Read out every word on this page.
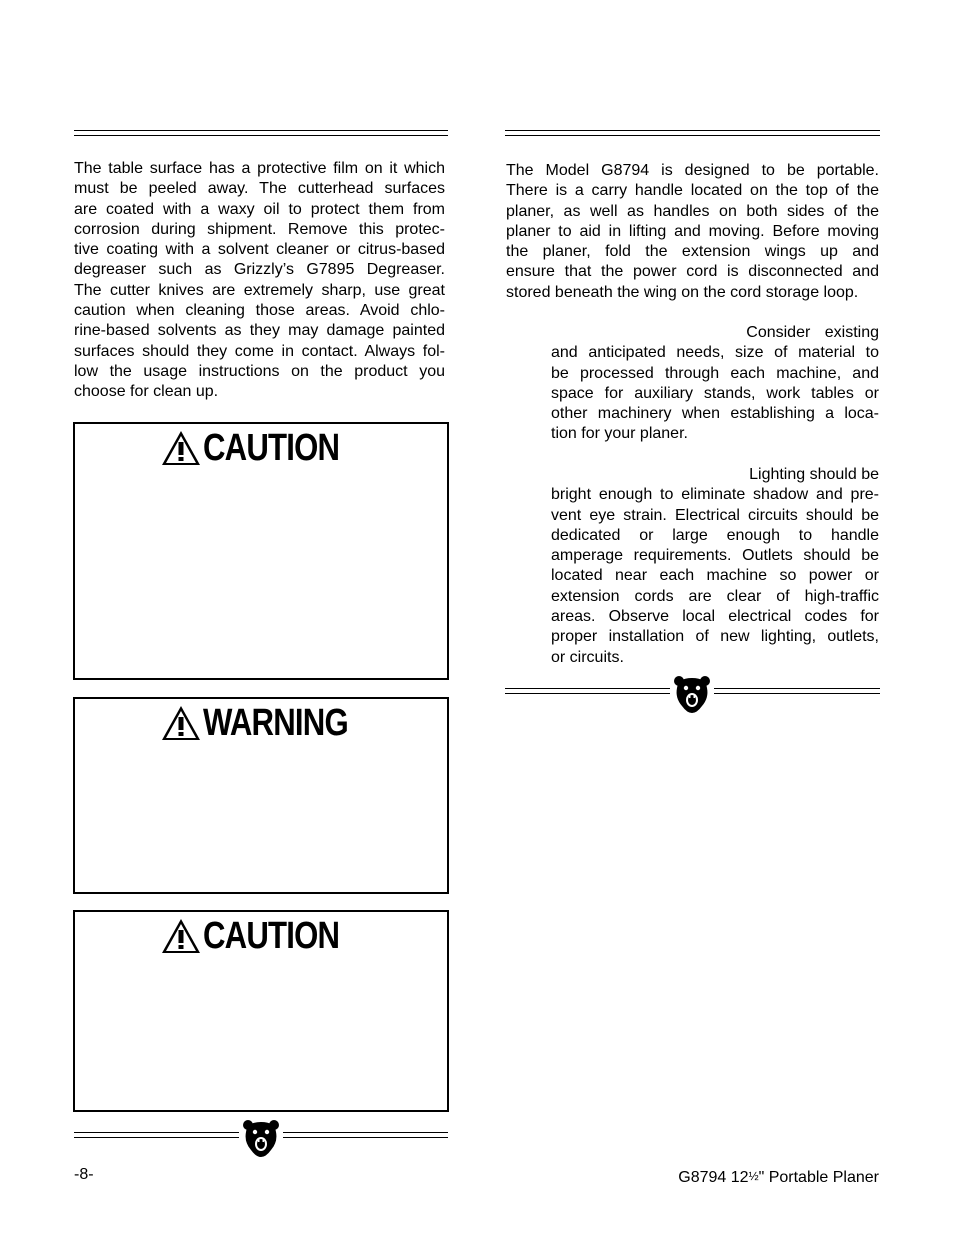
The table surface has a protective film on it which
must be peeled away. The cutterhead surfaces
are coated with a waxy oil to protect them from
corrosion during shipment. Remove this protec-
tive coating with a solvent cleaner or citrus-based
degreaser such as Grizzly’s G7895 Degreaser.
The cutter knives are extremely sharp, use great
caution when cleaning those areas. Avoid chlo-
rine-based solvents as they may damage painted
surfaces should they come in contact. Always fol-
low the usage instructions on the product you
choose for clean up.
CAUTION
WARNING
CAUTION
The Model G8794 is designed to be portable.
There is a carry handle located on the top of the
planer, as well as handles on both sides of the
planer to aid in lifting and moving. Before moving
the planer, fold the extension wings up and
ensure that the power cord is disconnected and
stored beneath the wing on the cord storage loop.
Consider existing
and anticipated needs, size of material to
be processed through each machine, and
space for auxiliary stands, work tables or
other machinery when establishing a loca-
tion for your planer.
Lighting should be
bright enough to eliminate shadow and pre-
vent eye strain. Electrical circuits should be
dedicated or large enough to handle
amperage requirements. Outlets should be
located near each machine so power or
extension cords are clear of high-traffic
areas. Observe local electrical codes for
proper installation of new lighting, outlets,
or circuits.
-8-	G8794 12½" Portable Planer
